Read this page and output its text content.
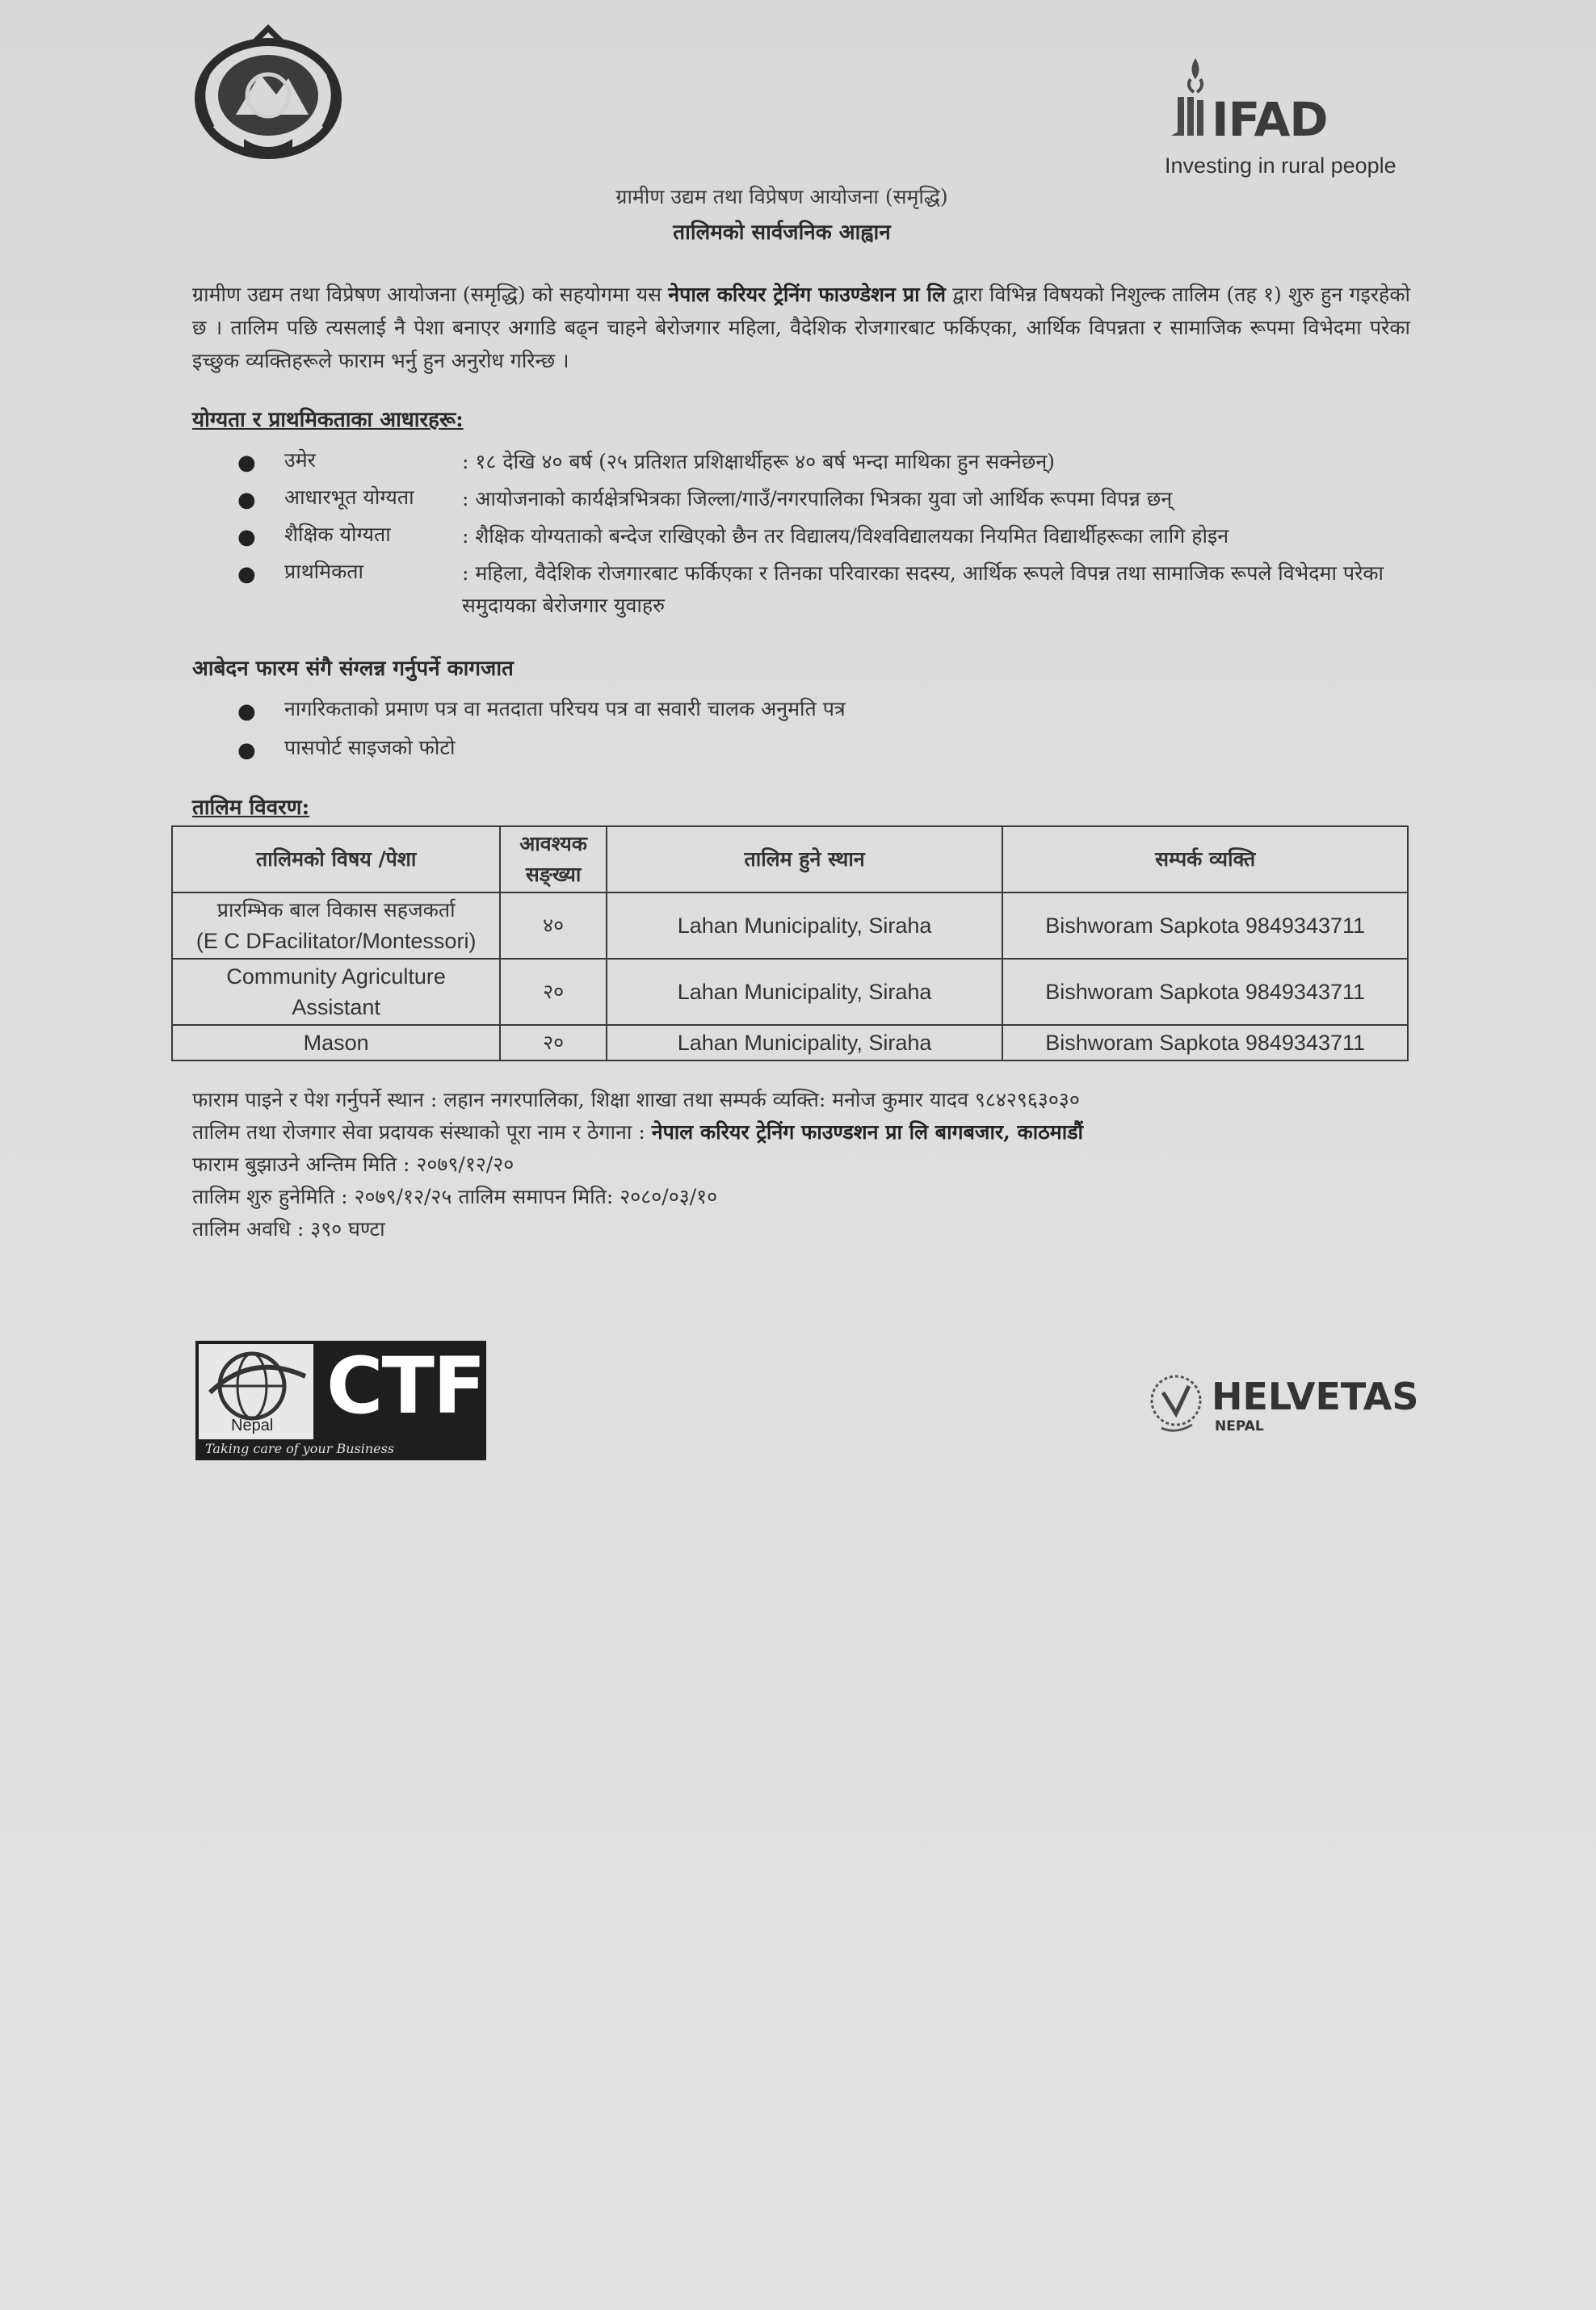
IFAD
Investing in rural people
ग्रामीण उद्यम तथा विप्रेषण आयोजना (समृद्धि)
तालिमको सार्वजनिक आह्वान
ग्रामीण उद्यम तथा विप्रेषण आयोजना (समृद्धि) को सहयोगमा यस नेपाल करियर ट्रेनिंग फाउण्डेशन प्रा लि द्वारा विभिन्न विषयको निशुल्क तालिम (तह १) शुरु हुन गइरहेको छ । तालिम पछि त्यसलाई नै पेशा बनाएर अगाडि बढ्न चाहने बेरोजगार महिला, वैदेशिक रोजगारबाट फर्किएका, आर्थिक विपन्नता र सामाजिक रूपमा विभेदमा परेका इच्छुक व्यक्तिहरूले फाराम भर्नु हुन अनुरोध गरिन्छ ।
योग्यता र प्राथमिकताका आधारहरू:
● उमेर	: १८ देखि ४० बर्ष (२५ प्रतिशत प्रशिक्षार्थीहरू ४० बर्ष भन्दा माथिका हुन सक्नेछन्)
● आधारभूत योग्यता	: आयोजनाको कार्यक्षेत्रभित्रका जिल्ला/गाउँ/नगरपालिका भित्रका युवा जो आर्थिक रूपमा विपन्न छन्
● शैक्षिक योग्यता	: शैक्षिक योग्यताको बन्देज राखिएको छैन तर विद्यालय/विश्वविद्यालयका नियमित विद्यार्थीहरूका लागि होइन
● प्राथमिकता	: महिला, वैदेशिक रोजगारबाट फर्किएका र तिनका परिवारका सदस्य, आर्थिक रूपले विपन्न तथा सामाजिक रूपले विभेदमा परेका समुदायका बेरोजगार युवाहरु
आबेदन फारम संगै संग्लन्न गर्नुपर्ने कागजात
● नागरिकताको प्रमाण पत्र वा मतदाता परिचय पत्र वा सवारी चालक अनुमति पत्र
● पासपोर्ट साइजको फोटो
तालिम विवरण:
तालिमको विषय /पेशा	आवश्यक सङ्ख्या	तालिम हुने स्थान	सम्पर्क व्यक्ति

प्रारम्भिक बाल विकास सहजकर्ता
(E C DFacilitator/Montessori)	४०	Lahan Municipality, Siraha	Bishworam Sapkota 9849343711

Community Agriculture
Assistant	२०	Lahan Municipality, Siraha	Bishworam Sapkota 9849343711
Mason	२०	Lahan Municipality, Siraha	Bishworam Sapkota 9849343711
फाराम पाइने र पेश गर्नुपर्ने स्थान : लहान नगरपालिका, शिक्षा शाखा तथा सम्पर्क व्यक्ति: मनोज कुमार यादव ९८४२९६३०३०
तालिम तथा रोजगार सेवा प्रदायक संस्थाको पूरा नाम र ठेगाना : नेपाल करियर ट्रेनिंग फाउण्डशन प्रा लि बागबजार, काठमाडौं
फाराम बुझाउने अन्तिम मिति : २०७९/१२/२०
तालिम शुरु हुनेमिति : २०७९/१२/२५ तालिम समापन मिति: २०८०/०३/१०
तालिम अवधि : ३९० घण्टा
Nepal CTF
Taking care of your Business
HELVETAS
NEPAL
